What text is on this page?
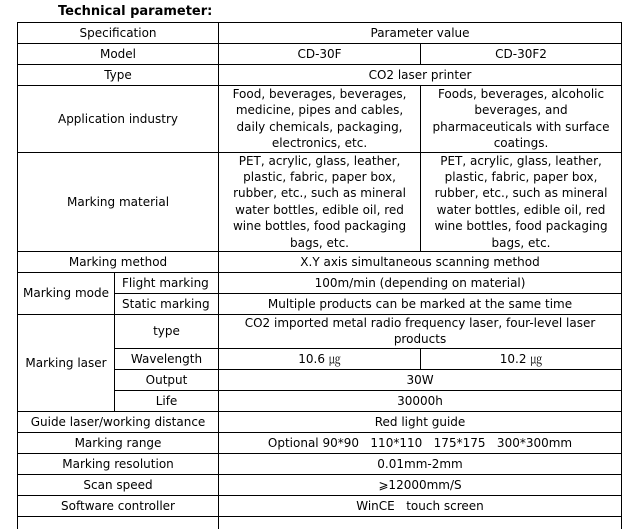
Technical parameter:
Specification		Parameter value	
Model		CD-30F	CD-30F2
Type		CO2 laser printer	
Application industry		Food, beverages, beverages, medicine, pipes and cables, daily chemicals, packaging, electronics, etc.	Foods, beverages, alcoholic beverages, and pharmaceuticals with surface coatings.
Marking material		PET, acrylic, glass, leather, plastic, fabric, paper box, rubber, etc., such as mineral water bottles, edible oil, red wine bottles, food packaging bags, etc.	PET, acrylic, glass, leather, plastic, fabric, paper box, rubber, etc., such as mineral water bottles, edible oil, red wine bottles, food packaging bags, etc.
Marking method		X.Y axis simultaneous scanning method	
Marking mode	Flight marking	100m/min (depending on material)	
	Static marking	Multiple products can be marked at the same time	
Marking laser	type	CO2 imported metal radio frequency laser, four-level laser products	
	Wavelength	10.6 ㎍	10.2 ㎍
	Output	30W	
	Life	30000h	
Guide laser/working distance		Red light guide	
Marking range		Optional 90*90   110*110   175*175   300*300mm	
Marking resolution		0.01mm-2mm	
Scan speed		⩾12000mm/S	
Software controller		WinCE   touch screen	
